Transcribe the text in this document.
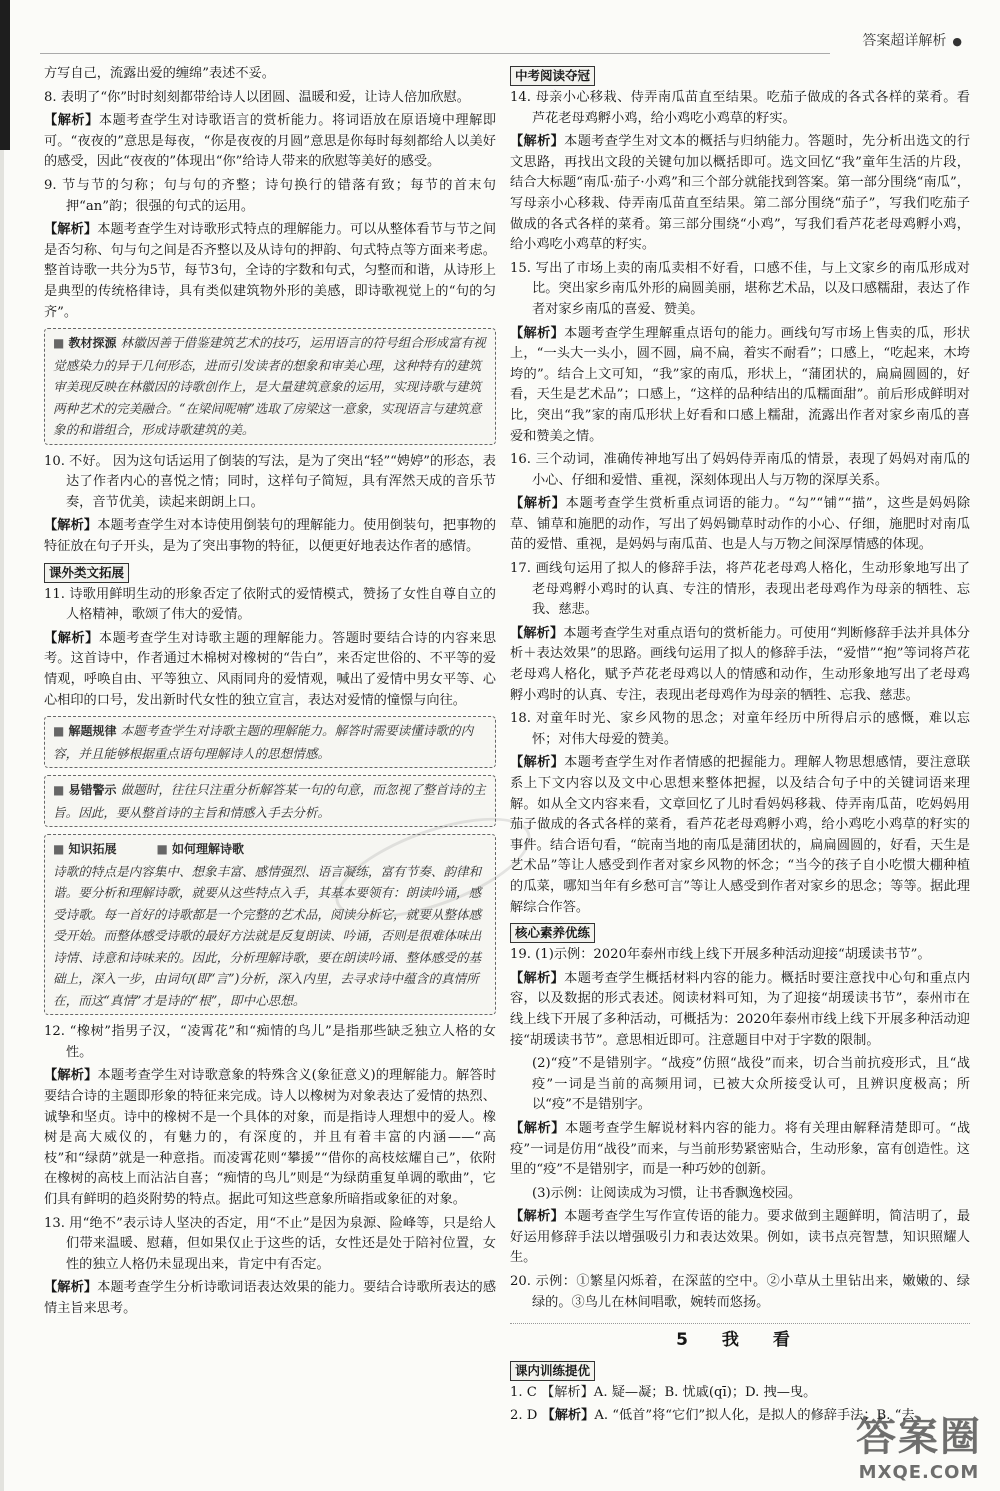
答案超详解析 ●

方写自己，流露出爱的缠绵”表述不妥。

8. 表明了“你”时时刻刻都带给诗人以团圆、温暖和爱，让诗人倍加欣慰。

【解析】本题考查学生对诗歌语言的赏析能力。将词语放在原语境中理解即可。“夜夜的”意思是每夜，“你是夜夜的月圆”意思是你每时每刻都给人以美好的感受，因此“夜夜的”体现出“你”给诗人带来的欣慰等美好的感受。

9. 节与节的匀称；句与句的齐整；诗句换行的错落有致；每节的首末句押“an”韵；很强的句式的运用。

【解析】本题考查学生对诗歌形式特点的理解能力。可以从整体看节与节之间是否匀称、句与句之间是否齐整以及从诗句的押韵、句式特点等方面来考虑。整首诗歌一共分为5节，每节3句，全诗的字数和句式，匀整而和谐，从诗形上是典型的传统格律诗，具有类似建筑物外形的美感，即诗歌视觉上的“句的匀齐”。

■ 教材探源 林徽因善于借鉴建筑艺术的技巧，运用语言的符号组合形成富有视觉感染力的异于几何形态，进而引发读者的想象和审美心理，这种特有的建筑审美现反映在林徽因的诗歌创作上，是大量建筑意象的运用，实现诗歌与建筑两种艺术的完美融合。“在梁间呢喃”选取了房梁这一意象，实现语言与建筑意象的和谐组合，形成诗歌建筑的美。

10. 不好。 因为这句话运用了倒装的写法，是为了突出“轻”“娉婷”的形态，表达了作者内心的喜悦之情；同时，这样句子简短，具有浑然天成的音乐节奏，音节优美，读起来朗朗上口。

【解析】本题考查学生对本诗使用倒装句的理解能力。使用倒装句，把事物的特征放在句子开头，是为了突出事物的特征，以便更好地表达作者的感情。

课外类文拓展

11. 诗歌用鲜明生动的形象否定了依附式的爱情模式，赞扬了女性自尊自立的人格精神，歌颂了伟大的爱情。

【解析】本题考查学生对诗歌主题的理解能力。答题时要结合诗的内容来思考。这首诗中，作者通过木棉树对橡树的“告白”，来否定世俗的、不平等的爱情观，呼唤自由、平等独立、风雨同舟的爱情观，喊出了爱情中男女平等、心心相印的口号，发出新时代女性的独立宣言，表达对爱情的憧憬与向往。

■ 解题规律 本题考查学生对诗歌主题的理解能力。解答时需要读懂诗歌的内容，并且能够根据重点语句理解诗人的思想情感。
■ 易错警示 做题时，往往只注重分析解答某一句的句意，而忽视了整首诗的主旨。因此，要从整首诗的主旨和情感入手去分析。
■ 知识拓展■	如何理解诗歌
诗歌的特点是内容集中、想象丰富、感情强烈、语言凝练，富有节奏、韵律和谐。要分析和理解诗歌，就要从这些特点入手，其基本要领有：朗读吟诵，感受诗歌。每一首好的诗歌都是一个完整的艺术品，阅读分析它，就要从整体感受开始。而整体感受诗歌的最好方法就是反复朗读、吟诵，否则是很难体味出诗情、诗意和诗味来的。因此，分析理解诗歌，要在朗读吟诵、整体感受的基础上，深入一步，由词句(即“言”)分析，深入内里，去寻求诗中蕴含的真情所在，而这“真情”才是诗的“根”，即中心思想。

12. “橡树”指男子汉，“凌霄花”和“痴情的鸟儿”是指那些缺乏独立人格的女性。

【解析】本题考查学生对诗歌意象的特殊含义(象征意义)的理解能力。解答时要结合诗的主题即形象的特征来完成。诗人以橡树为对象表达了爱情的热烈、诚挚和坚贞。诗中的橡树不是一个具体的对象，而是指诗人理想中的爱人。橡树是高大威仪的，有魅力的，有深度的，并且有着丰富的内涵——“高枝”和“绿荫”就是一种意指。而凌霄花则“攀援”“借你的高枝炫耀自己”，依附在橡树的高枝上而沾沾自喜；“痴情的鸟儿”则是“为绿荫重复单调的歌曲”，它们具有鲜明的趋炎附势的特点。据此可知这些意象所暗指或象征的对象。

13. 用“绝不”表示诗人坚决的否定，用“不止”是因为泉源、险峰等，只是给人们带来温暖、慰藉，但如果仅止于这些的话，女性还是处于陪衬位置，女性的独立人格仍未显现出来，肯定中有否定。

【解析】本题考查学生分析诗歌词语表达效果的能力。要结合诗歌所表达的感情主旨来思考。

中考阅读夺冠

14. 母亲小心移栽、侍弄南瓜苗直至结果。吃茄子做成的各式各样的菜肴。看芦花老母鸡孵小鸡，给小鸡吃小鸡草的籽实。

【解析】本题考查学生对文本的概括与归纳能力。答题时，先分析出选文的行文思路，再找出文段的关键句加以概括即可。选文回忆“我”童年生活的片段，结合大标题“南瓜·茄子·小鸡”和三个部分就能找到答案。第一部分围绕“南瓜”，写母亲小心移栽、侍弄南瓜苗直至结果。第二部分围绕“茄子”，写我们吃茄子做成的各式各样的菜肴。第三部分围绕“小鸡”，写我们看芦花老母鸡孵小鸡，给小鸡吃小鸡草的籽实。

15. 写出了市场上卖的南瓜卖相不好看，口感不佳，与上文家乡的南瓜形成对比。突出家乡南瓜外形的扁圆美丽，堪称艺术品，以及口感糯甜，表达了作者对家乡南瓜的喜爱、赞美。

【解析】本题考查学生理解重点语句的能力。画线句写市场上售卖的瓜，形状上，“一头大一头小，圆不圆，扁不扁，着实不耐看”；口感上，“吃起来，木垮垮的”。结合上文可知，“我”家的南瓜，形状上，“蒲团状的，扁扁圆圆的，好看，天生是艺术品”；口感上，“这样的品种结出的瓜糯面甜”。前后形成鲜明对比，突出“我”家的南瓜形状上好看和口感上糯甜，流露出作者对家乡南瓜的喜爱和赞美之情。

16. 三个动词，准确传神地写出了妈妈侍弄南瓜的情景，表现了妈妈对南瓜的小心、仔细和爱惜、重视，深刻体现出人与万物的深厚关系。

【解析】本题考查学生赏析重点词语的能力。“勾”“铺”“描”，这些是妈妈除草、铺草和施肥的动作，写出了妈妈锄草时动作的小心、仔细，施肥时对南瓜苗的爱惜、重视，是妈妈与南瓜苗、也是人与万物之间深厚情感的体现。

17. 画线句运用了拟人的修辞手法，将芦花老母鸡人格化，生动形象地写出了老母鸡孵小鸡时的认真、专注的情形，表现出老母鸡作为母亲的牺牲、忘我、慈悲。

【解析】本题考查学生对重点语句的赏析能力。可使用“判断修辞手法并具体分析＋表达效果”的思路。画线句运用了拟人的修辞手法，“爱惜”“抱”等词将芦花老母鸡人格化，赋予芦花老母鸡以人的情感和动作，生动形象地写出了老母鸡孵小鸡时的认真、专注，表现出老母鸡作为母亲的牺牲、忘我、慈悲。

18. 对童年时光、家乡风物的思念；对童年经历中所得启示的感慨，难以忘怀；对伟大母爱的赞美。

【解析】本题考查学生对作者情感的把握能力。理解人物思想感情，要注意联系上下文内容以及文中心思想来整体把握，以及结合句子中的关键词语来理解。如从全文内容来看，文章回忆了儿时看妈妈移栽、侍弄南瓜苗，吃妈妈用茄子做成的各式各样的菜肴，看芦花老母鸡孵小鸡，给小鸡吃小鸡草的籽实的事件。结合语句看，“皖南当地的南瓜是蒲团状的，扁扁圆圆的，好看，天生是艺术品”等让人感受到作者对家乡风物的怀念；“当今的孩子自小吃惯大棚种植的瓜菜，哪知当年有乡愁可言”等让人感受到作者对家乡的思念；等等。据此理解综合作答。

核心素养优练

19. (1)示例：2020年泰州市线上线下开展多种活动迎接“胡瑗读书节”。

【解析】本题考查学生概括材料内容的能力。概括时要注意找中心句和重点内容，以及数据的形式表述。阅读材料可知，为了迎接“胡瑗读书节”，泰州市在线上线下开展了多种活动，可概括为：2020年泰州市线上线下开展多种活动迎接“胡瑗读书节”。意思相近即可。注意题目中对于字数的限制。

(2)“疫”不是错别字。“战疫”仿照“战役”而来，切合当前抗疫形式，且“战疫”一词是当前的高频用词，已被大众所接受认可，且辨识度极高；所以“疫”不是错别字。

【解析】本题考查学生解说材料内容的能力。将有关理由解释清楚即可。“战疫”一词是仿用“战役”而来，与当前形势紧密贴合，生动形象，富有创造性。这里的“疫”不是错别字，而是一种巧妙的创新。

(3)示例：让阅读成为习惯，让书香飘逸校园。

【解析】本题考查学生写作宣传语的能力。要求做到主题鲜明，简洁明了，最好运用修辞手法以增强吸引力和表达效果。例如，读书点亮智慧，知识照耀人生。

20. 示例：①繁星闪烁着，在深蓝的空中。②小草从土里钻出来，嫩嫩的、绿绿的。③鸟儿在林间唱歌，婉转而悠扬。

5 我 看
课内训练提优

1. C 【解析】A. 疑—凝；B. 忧戚(qī)；D. 拽—曳。

2. D 【解析】A. “低首”将“它们”拟人化，是拟人的修辞手法；B. “去

答案圈
MXQE.COM
